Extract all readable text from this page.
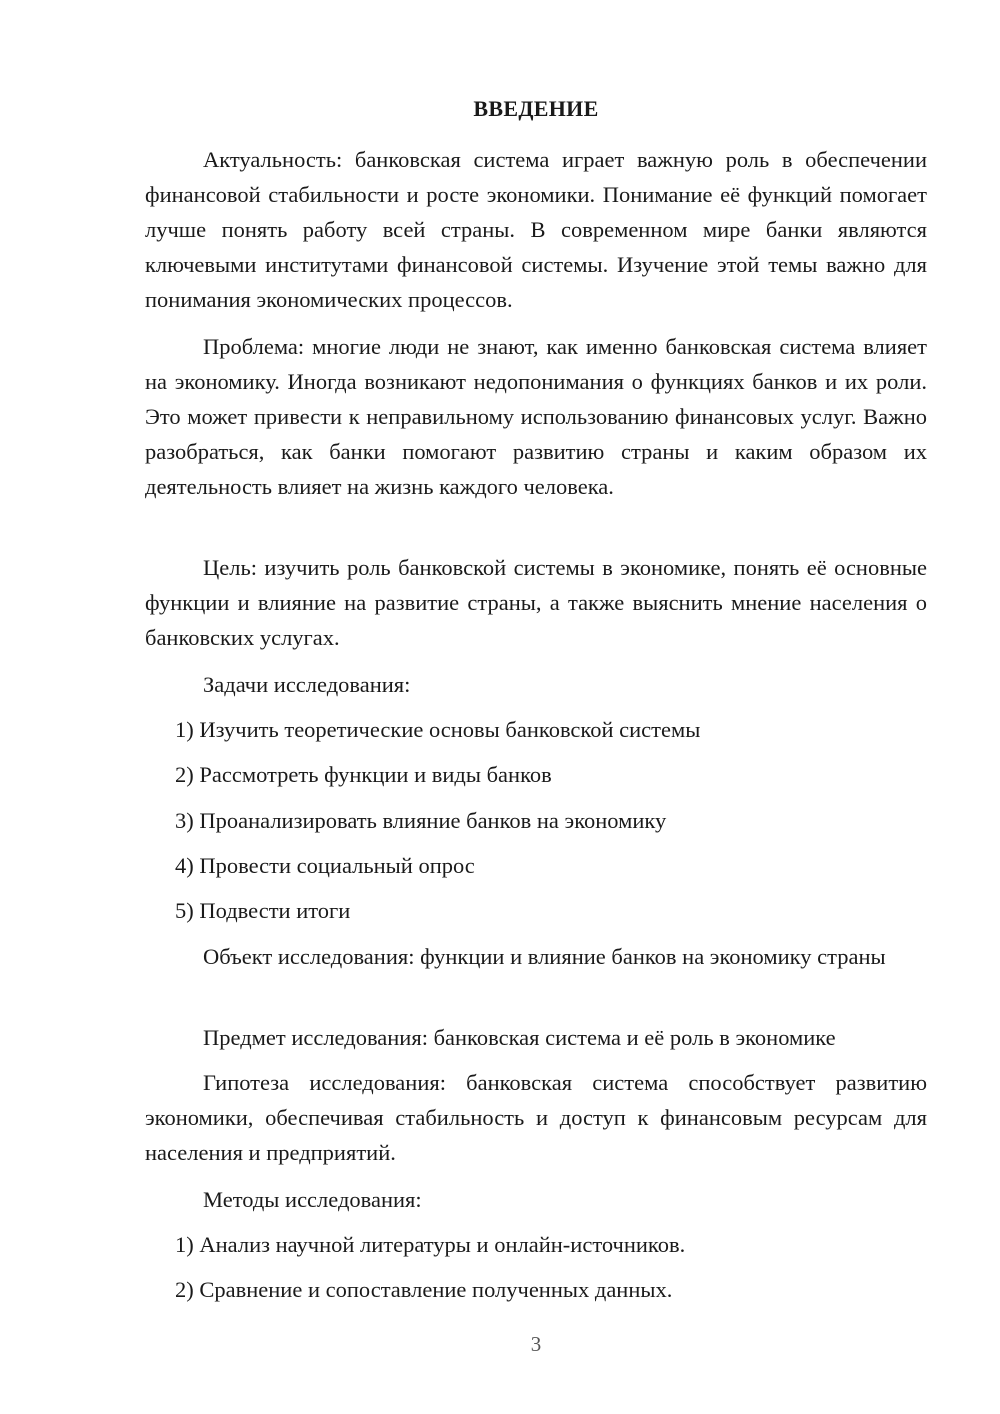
ВВЕДЕНИЕ

Актуальность: банковская система играет важную роль в обеспечении финансовой стабильности и росте экономики. Понимание её функций помогает лучше понять работу всей страны. В современном мире банки являются ключевыми институтами финансовой системы. Изучение этой темы важно для понимания экономических процессов.

Проблема: многие люди не знают, как именно банковская система влияет на экономику. Иногда возникают недопонимания о функциях банков и их роли. Это может привести к неправильному использованию финансовых услуг. Важно разобраться, как банки помогают развитию страны и каким образом их деятельность влияет на жизнь каждого человека.

Цель: изучить роль банковской системы в экономике, понять её основные функции и влияние на развитие страны, а также выяснить мнение населения о банковских услугах.

Задачи исследования:

1) Изучить теоретические основы банковской системы

2) Рассмотреть функции и виды банков

3) Проанализировать влияние банков на экономику

4) Провести социальный опрос

5) Подвести итоги

Объект исследования: функции и влияние банков на экономику страны

Предмет исследования: банковская система и её роль в экономике

Гипотеза исследования: банковская система способствует развитию экономики, обеспечивая стабильность и доступ к финансовым ресурсам для населения и предприятий.

Методы исследования:

1) Анализ научной литературы и онлайн-источников.

2) Сравнение и сопоставление полученных данных.

3
